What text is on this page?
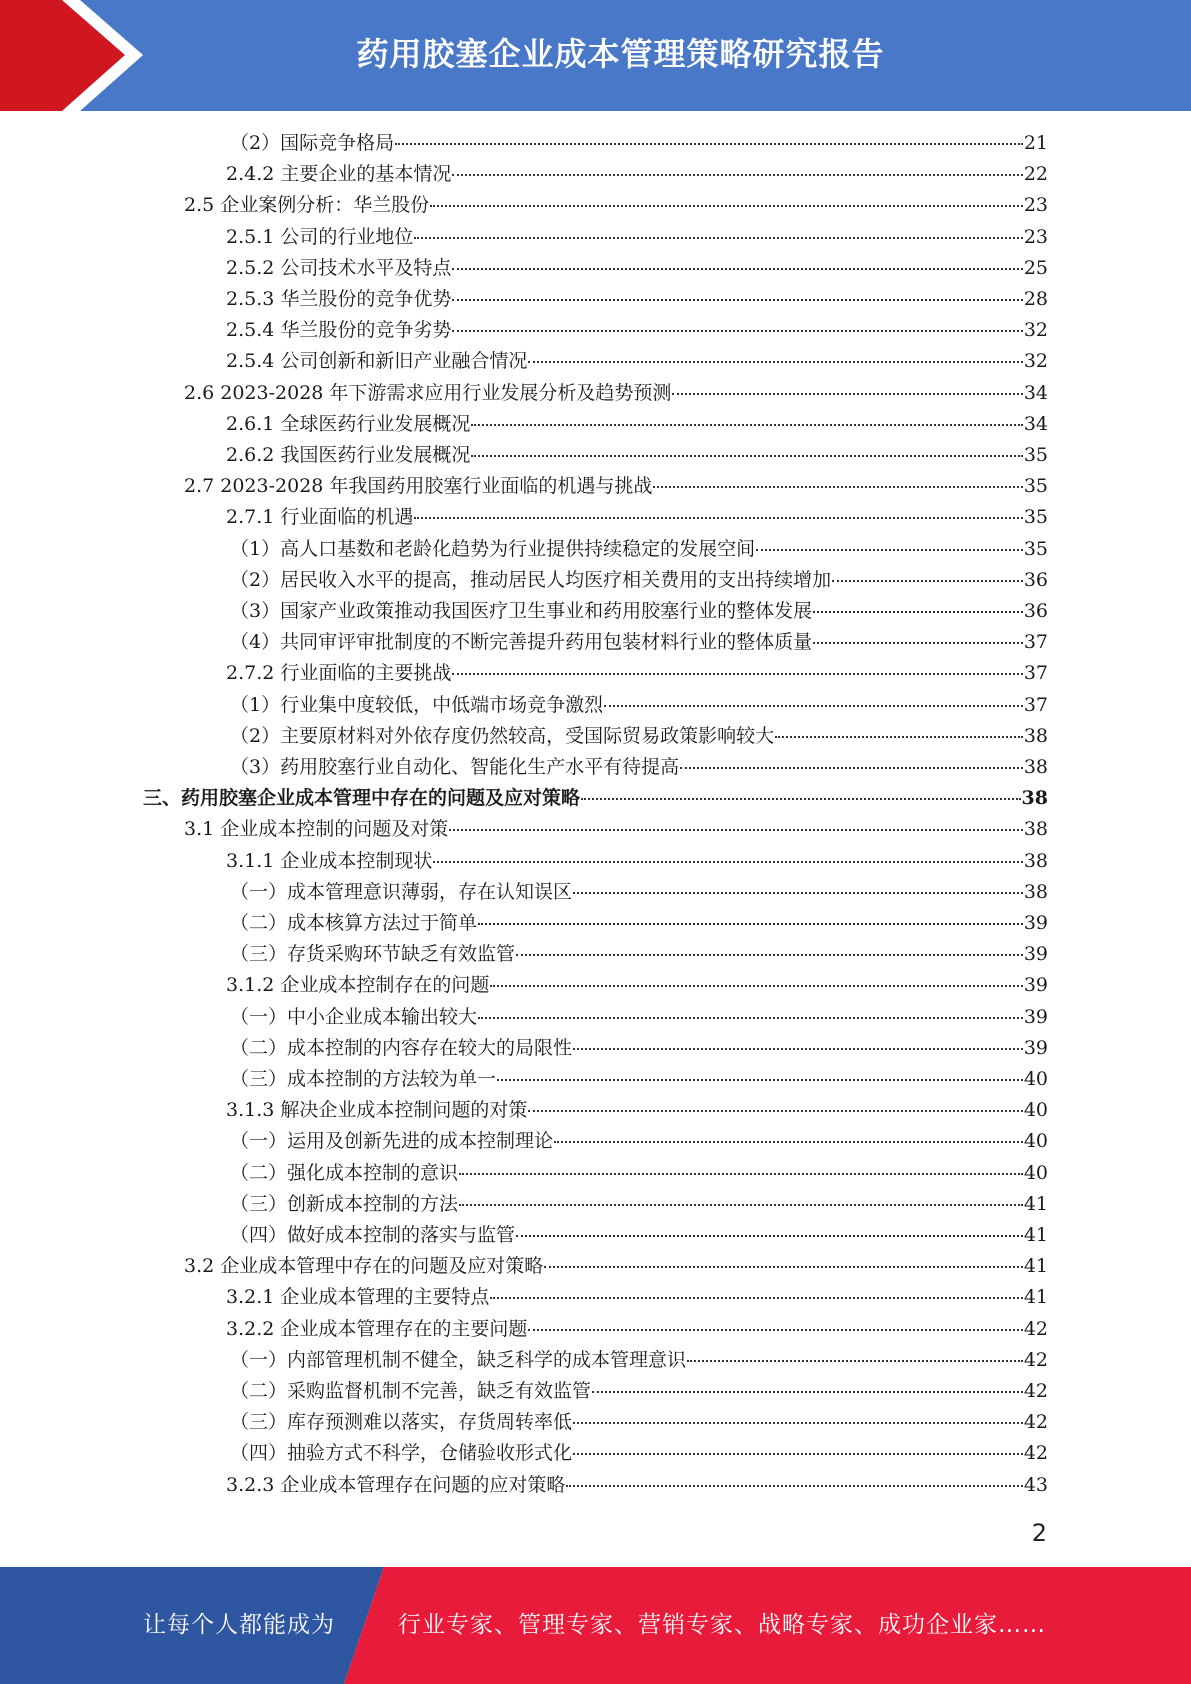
药用胶塞企业成本管理策略研究报告
（2）国际竞争格局	21
2.4.2 主要企业的基本情况	22
2.5 企业案例分析：华兰股份	23
2.5.1 公司的行业地位	23
2.5.2 公司技术水平及特点	25
2.5.3 华兰股份的竞争优势	28
2.5.4 华兰股份的竞争劣势	32
2.5.4 公司创新和新旧产业融合情况	32
2.6 2023-2028 年下游需求应用行业发展分析及趋势预测	34
2.6.1 全球医药行业发展概况	34
2.6.2 我国医药行业发展概况	35
2.7 2023-2028 年我国药用胶塞行业面临的机遇与挑战	35
2.7.1 行业面临的机遇	35
（1）高人口基数和老龄化趋势为行业提供持续稳定的发展空间	35
（2）居民收入水平的提高，推动居民人均医疗相关费用的支出持续增加	36
（3）国家产业政策推动我国医疗卫生事业和药用胶塞行业的整体发展	36
（4）共同审评审批制度的不断完善提升药用包装材料行业的整体质量	37
2.7.2 行业面临的主要挑战	37
（1）行业集中度较低，中低端市场竞争激烈	37
（2）主要原材料对外依存度仍然较高，受国际贸易政策影响较大	38
（3）药用胶塞行业自动化、智能化生产水平有待提高	38
三、药用胶塞企业成本管理中存在的问题及应对策略	38
3.1 企业成本控制的问题及对策	38
3.1.1 企业成本控制现状	38
（一）成本管理意识薄弱，存在认知误区	38
（二）成本核算方法过于简单	39
（三）存货采购环节缺乏有效监管	39
3.1.2 企业成本控制存在的问题	39
（一）中小企业成本输出较大	39
（二）成本控制的内容存在较大的局限性	39
（三）成本控制的方法较为单一	40
3.1.3 解决企业成本控制问题的对策	40
（一）运用及创新先进的成本控制理论	40
（二）强化成本控制的意识	40
（三）创新成本控制的方法	41
（四）做好成本控制的落实与监管	41
3.2 企业成本管理中存在的问题及应对策略	41
3.2.1 企业成本管理的主要特点	41
3.2.2 企业成本管理存在的主要问题	42
（一）内部管理机制不健全，缺乏科学的成本管理意识	42
（二）采购监督机制不完善，缺乏有效监管	42
（三）库存预测难以落实，存货周转率低	42
（四）抽验方式不科学，仓储验收形式化	42
3.2.3 企业成本管理存在问题的应对策略	43
2
让每个人都能成为	行业专家、管理专家、营销专家、战略专家、成功企业家……
